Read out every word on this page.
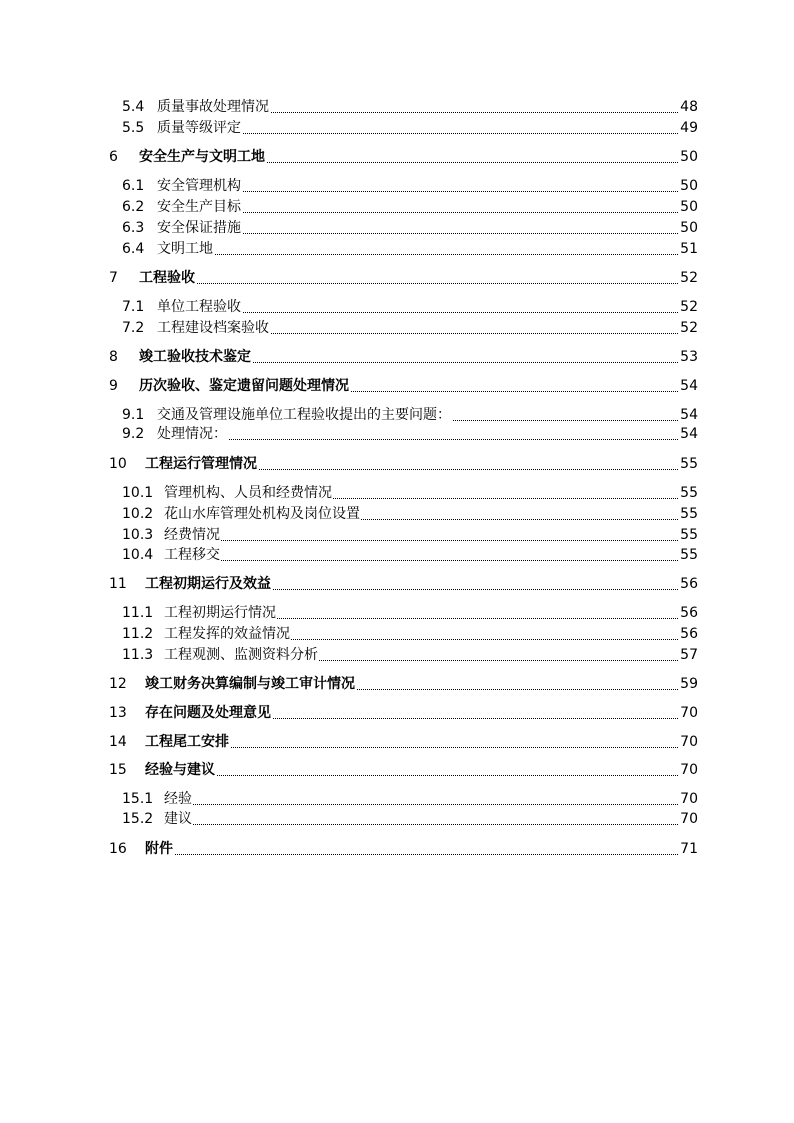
5.4 质量事故处理情况	48
5.5 质量等级评定	49
6 安全生产与文明工地	50
6.1 安全管理机构	50
6.2 安全生产目标	50
6.3 安全保证措施	50
6.4 文明工地	51
7 工程验收	52
7.1 单位工程验收	52
7.2 工程建设档案验收	52
8 竣工验收技术鉴定	53
9 历次验收、鉴定遗留问题处理情况	54
9.1 交通及管理设施单位工程验收提出的主要问题：	54
9.2 处理情况：	54
10 工程运行管理情况	55
10.1 管理机构、人员和经费情况	55
10.2 花山水库管理处机构及岗位设置	55
10.3 经费情况	55
10.4 工程移交	55
11 工程初期运行及效益	56
11.1 工程初期运行情况	56
11.2 工程发挥的效益情况	56
11.3 工程观测、监测资料分析	57
12 竣工财务决算编制与竣工审计情况	59
13 存在问题及处理意见	70
14 工程尾工安排	70
15 经验与建议	70
15.1 经验	70
15.2 建议	70
16 附件	71
